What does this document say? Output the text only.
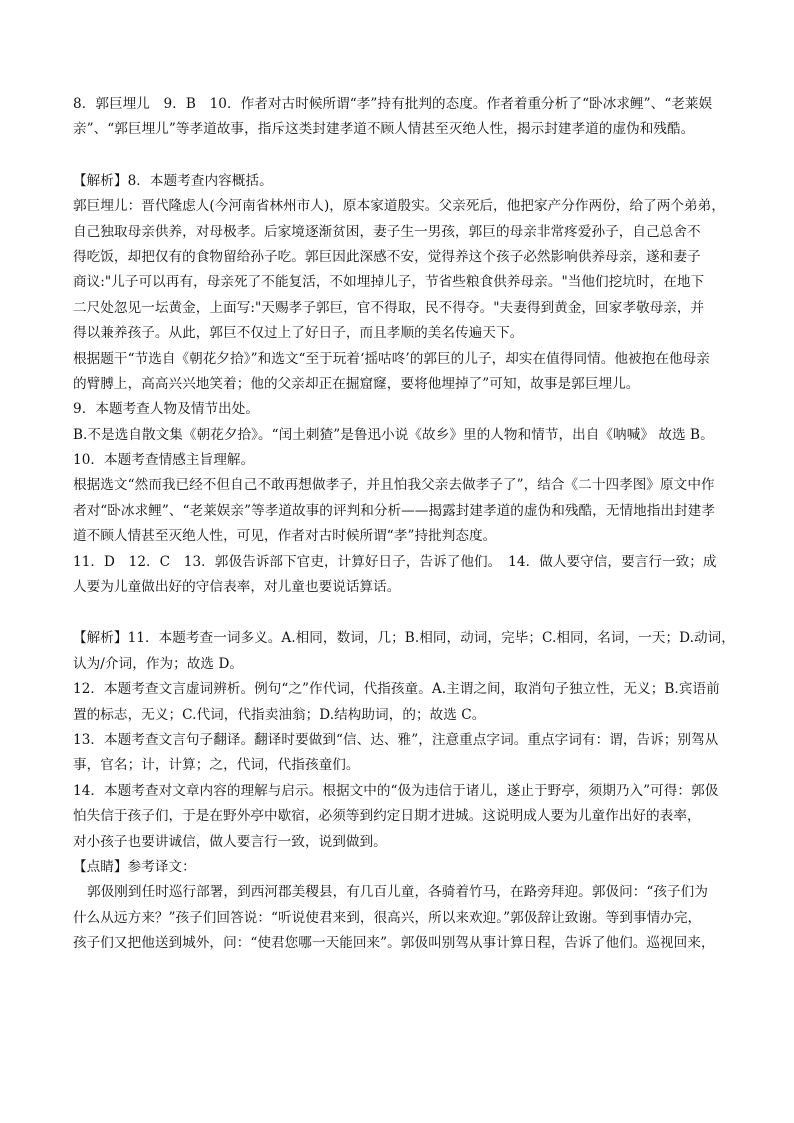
8．郭巨埋儿　9．B　10．作者对古时候所谓“孝”持有批判的态度。作者着重分析了“卧冰求鲤”、“老莱娱
亲”、“郭巨埋儿”等孝道故事，指斥这类封建孝道不顾人情甚至灭绝人性，揭示封建孝道的虚伪和残酷。
【解析】8．本题考查内容概括。
郭巨埋儿：晋代隆虑人(今河南省林州市人)，原本家道殷实。父亲死后，他把家产分作两份，给了两个弟弟，
自己独取母亲供养，对母极孝。后家境逐渐贫困，妻子生一男孩，郭巨的母亲非常疼爱孙子，自己总舍不
得吃饭，却把仅有的食物留给孙子吃。郭巨因此深感不安，觉得养这个孩子必然影响供养母亲，遂和妻子
商议:"儿子可以再有，母亲死了不能复活，不如埋掉儿子，节省些粮食供养母亲。"当他们挖坑时，在地下
二尺处忽见一坛黄金，上面写:"天赐孝子郭巨，官不得取，民不得夺。"夫妻得到黄金，回家孝敬母亲，并
得以兼养孩子。从此，郭巨不仅过上了好日子，而且孝顺的美名传遍天下。
根据题干“节选自《朝花夕拾》”和选文“至于玩着‘摇咕咚’的郭巨的儿子，却实在值得同情。他被抱在他母亲
的臂膊上，高高兴兴地笑着；他的父亲却正在掘窟窿，要将他埋掉了”可知，故事是郭巨埋儿。
9．本题考查人物及情节出处。
B.不是选自散文集《朝花夕拾》。“闰土刺猹”是鲁迅小说《故乡》里的人物和情节，出自《呐喊》 故选 B。
10．本题考查情感主旨理解。
根据选文“然而我已经不但自己不敢再想做孝子，并且怕我父亲去做孝子了”，结合《二十四孝图》原文中作
者对“卧冰求鲤”、“老莱娱亲”等孝道故事的评判和分析——揭露封建孝道的虚伪和残酷，无情地指出封建孝
道不顾人情甚至灭绝人性，可见，作者对古时候所谓“孝”持批判态度。
11．D　12．C　13．郭伋告诉部下官吏，计算好日子，告诉了他们。　14．做人要守信，要言行一致；成
人要为儿童做出好的守信表率，对儿童也要说话算话。
【解析】11．本题考查一词多义。A.相同，数词，几；B.相同，动词，完毕；C.相同，名词，一天；D.动词，
认为/介词，作为；故选 D。
12．本题考查文言虚词辨析。例句“之”作代词，代指孩童。A.主谓之间，取消句子独立性，无义；B.宾语前
置的标志，无义；C.代词，代指卖油翁；D.结构助词，的；故选 C。
13．本题考查文言句子翻译。翻译时要做到“信、达、雅”，注意重点字词。重点字词有：谓，告诉；别驾从
事，官名；计，计算；之，代词，代指孩童们。
14．本题考查对文章内容的理解与启示。根据文中的“伋为违信于诸儿，遂止于野亭，须期乃入”可得：郭伋
怕失信于孩子们，于是在野外亭中歇宿，必须等到约定日期才进城。这说明成人要为儿童作出好的表率，
对小孩子也要讲诚信，做人要言行一致，说到做到。
【点睛】参考译文：
郭伋刚到任时巡行部署，到西河郡美稷县，有几百儿童，各骑着竹马，在路旁拜迎。郭伋问：“孩子们为
什么从远方来？”孩子们回答说：“听说使君来到，很高兴，所以来欢迎。”郭伋辞让致谢。等到事情办完，
孩子们又把他送到城外，问：“使君您哪一天能回来”。郭伋叫别驾从事计算日程，告诉了他们。巡视回来，
